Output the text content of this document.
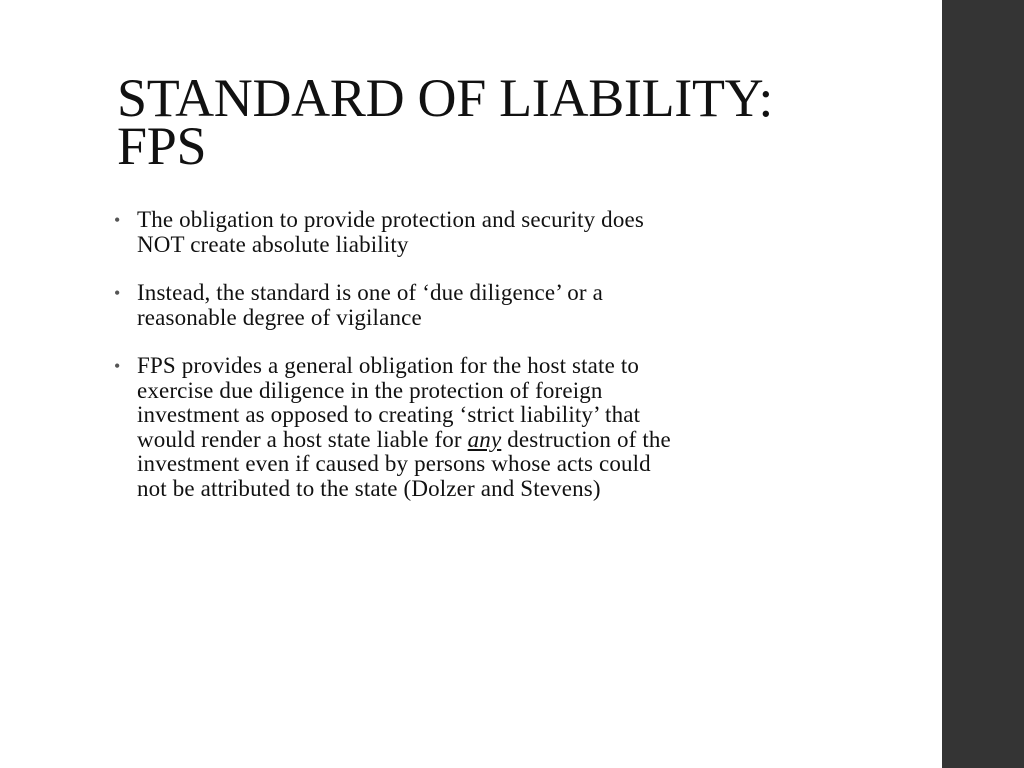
STANDARD OF LIABILITY:
FPS
• The obligation to provide protection and security does
NOT create absolute liability
• Instead, the standard is one of ‘due diligence’ or a
reasonable degree of vigilance
• FPS provides a general obligation for the host state to
exercise due diligence in the protection of foreign
investment as opposed to creating ‘strict liability’ that
would render a host state liable for any destruction of the
investment even if caused by persons whose acts could
not be attributed to the state (Dolzer and Stevens)
